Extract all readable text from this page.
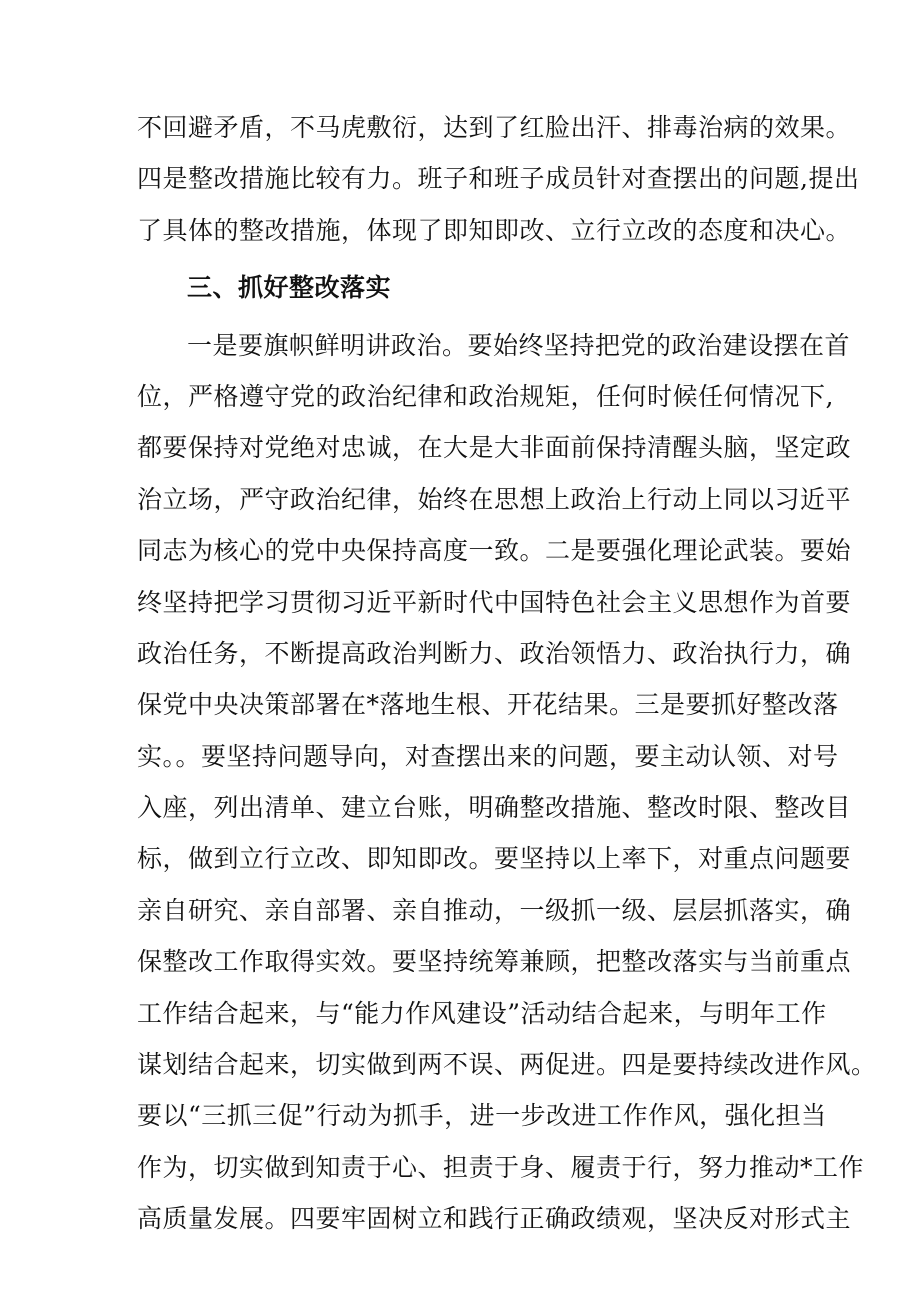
不回避矛盾，不马虎敷衍，达到了红脸出汗、排毒治病的效果。
四是整改措施比较有力。班子和班子成员针对查摆出的问题,提出
了具体的整改措施，体现了即知即改、立行立改的态度和决心。
三、抓好整改落实
一是要旗帜鲜明讲政治。要始终坚持把党的政治建设摆在首
位，严格遵守党的政治纪律和政治规矩，任何时候任何情况下,
都要保持对党绝对忠诚，在大是大非面前保持清醒头脑，坚定政
治立场，严守政治纪律，始终在思想上政治上行动上同以习近平
同志为核心的党中央保持高度一致。二是要强化理论武装。要始
终坚持把学习贯彻习近平新时代中国特色社会主义思想作为首要
政治任务，不断提高政治判断力、政治领悟力、政治执行力，确
保党中央决策部署在*落地生根、开花结果。三是要抓好整改落
实。。要坚持问题导向，对查摆出来的问题，要主动认领、对号
入座，列出清单、建立台账，明确整改措施、整改时限、整改目
标，做到立行立改、即知即改。要坚持以上率下，对重点问题要
亲自研究、亲自部署、亲自推动，一级抓一级、层层抓落实，确
保整改工作取得实效。要坚持统筹兼顾，把整改落实与当前重点
工作结合起来，与“能力作风建设”活动结合起来，与明年工作
谋划结合起来，切实做到两不误、两促进。四是要持续改进作风。
要以“三抓三促”行动为抓手，进一步改进工作作风，强化担当
作为，切实做到知责于心、担责于身、履责于行，努力推动*工作
高质量发展。四要牢固树立和践行正确政绩观，坚决反对形式主
